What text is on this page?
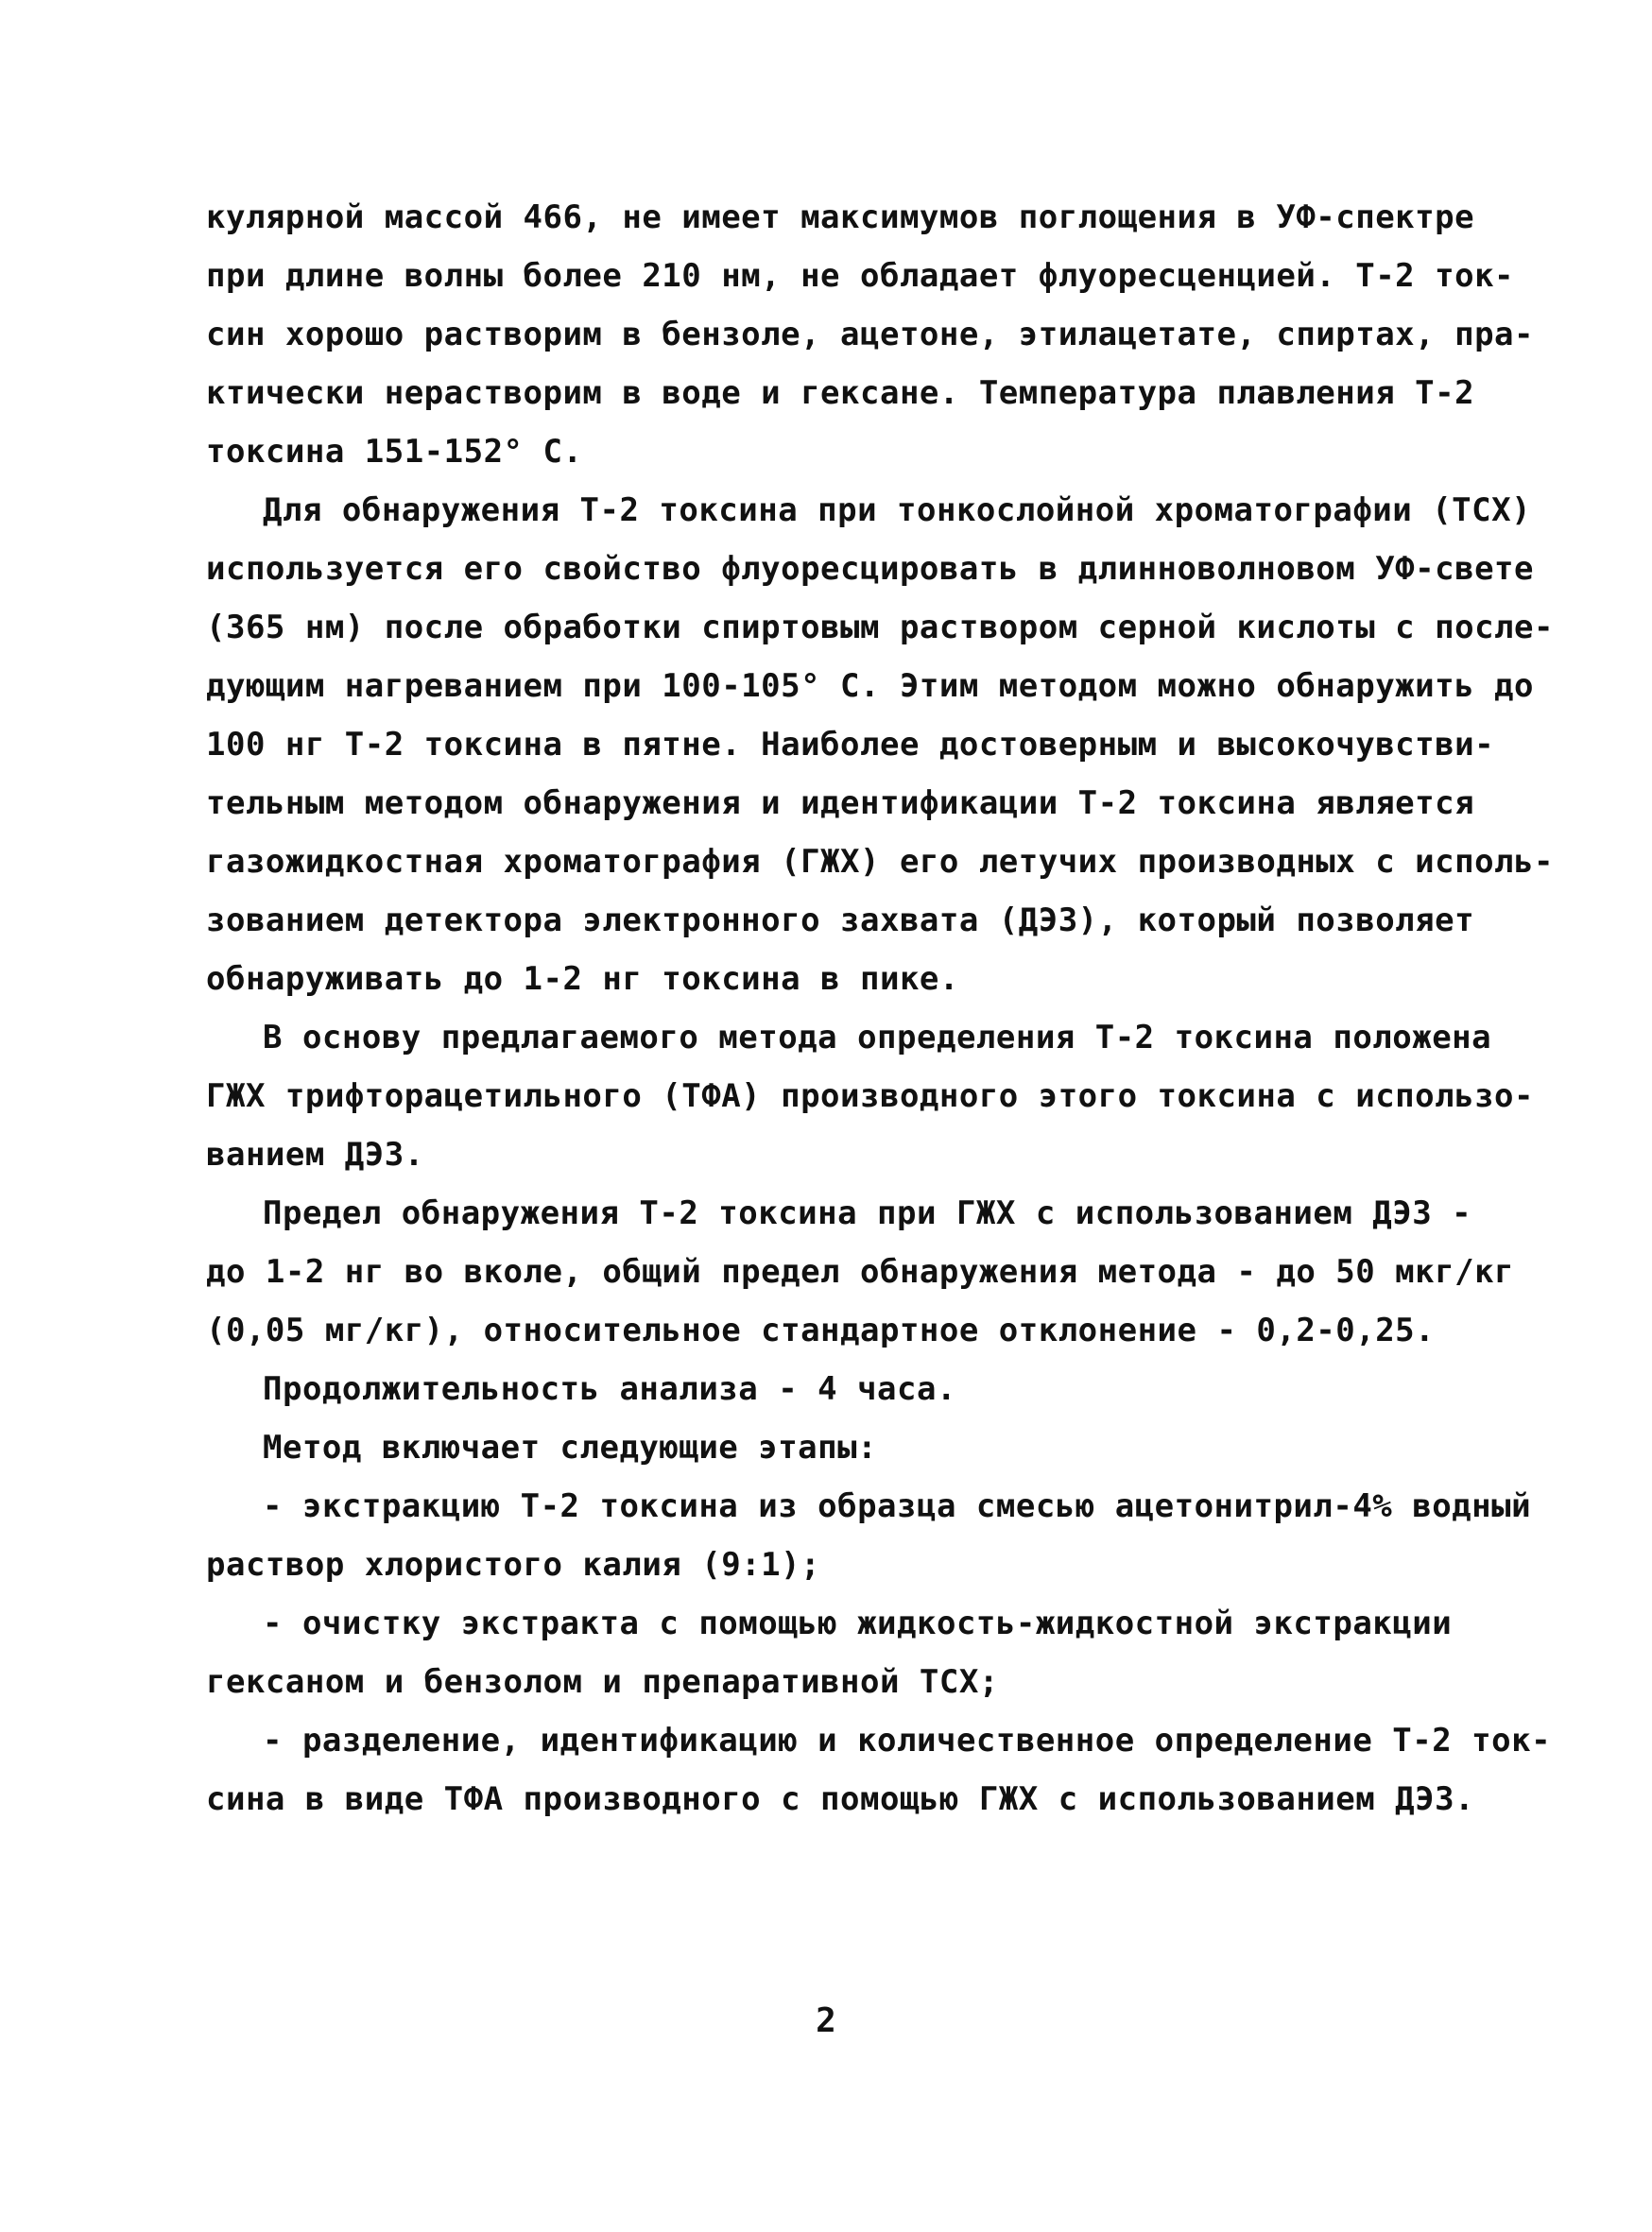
кулярной массой 466, не имеет максимумов поглощения в УФ-спектре
при длине волны более 210 нм, не обладает флуоресценцией. Т-2 ток-
син хорошо растворим в бензоле, ацетоне, этилацетате, спиртах, пра-
ктически нерастворим в воде и гексане. Температура плавления Т-2
токсина 151-152° С.
Для обнаружения Т-2 токсина при тонкослойной хроматографии (ТСХ)
используется его свойство флуоресцировать в длинноволновом УФ-свете
(365 нм) после обработки спиртовым раствором серной кислоты с после-
дующим нагреванием при 100-105° С. Этим методом можно обнаружить до
100 нг Т-2 токсина в пятне. Наиболее достоверным и высокочувстви-
тельным методом обнаружения и идентификации Т-2 токсина является
газожидкостная хроматография (ГЖХ) его летучих производных с исполь-
зованием детектора электронного захвата (ДЭЗ), который позволяет
обнаруживать до 1-2 нг токсина в пике.
В основу предлагаемого метода определения Т-2 токсина положена
ГЖХ трифторацетильного (ТФА) производного этого токсина с использо-
ванием ДЭЗ.
Предел обнаружения Т-2 токсина при ГЖХ с использованием ДЭЗ -
до 1-2 нг во вколе, общий предел обнаружения метода - до 50 мкг/кг
(0,05 мг/кг), относительное стандартное отклонение - 0,2-0,25.
Продолжительность анализа - 4 часа.
Метод включает следующие этапы:
- экстракцию Т-2 токсина из образца смесью ацетонитрил-4% водный
раствор хлористого калия (9:1);
- очистку экстракта с помощью жидкость-жидкостной экстракции
гексаном и бензолом и препаративной ТСХ;
- разделение, идентификацию и количественное определение Т-2 ток-
сина в виде ТФА производного с помощью ГЖХ с использованием ДЭЗ.
2
